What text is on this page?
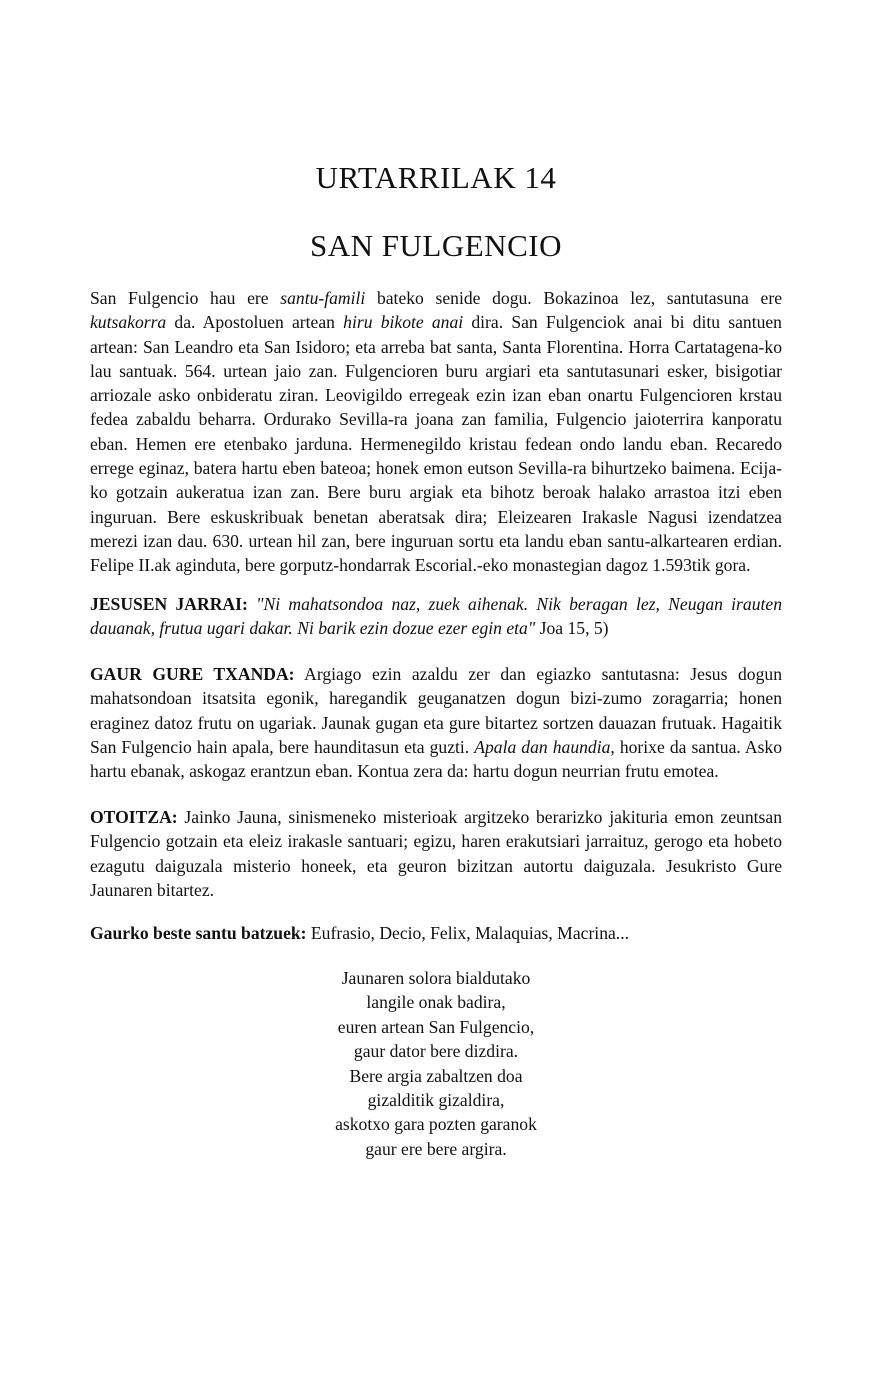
URTARRILAK 14
SAN FULGENCIO

San Fulgencio hau ere santu-famili bateko senide dogu. Bokazinoa lez, santutasuna ere kutsakorra da. Apostoluen artean hiru bikote anai dira. San Fulgenciok anai bi ditu santuen artean: San Leandro eta San Isidoro; eta arreba bat santa, Santa Florentina. Horra Cartatagena-ko lau santuak. 564. urtean jaio zan. Fulgencioren buru argiari eta santutasunari esker, bisigotiar arriozale asko onbideratu ziran. Leovigildo erregeak ezin izan eban onartu Fulgencioren krstau fedea zabaldu beharra. Ordurako Sevilla-ra joana zan familia, Fulgencio jaioterrira kanporatu eban. Hemen ere etenbako jarduna. Hermenegildo kristau fedean ondo landu eban. Recaredo errege eginaz, batera hartu eben bateoa; honek emon eutson Sevilla-ra bihurtzeko baimena. Ecija-ko gotzain aukeratua izan zan. Bere buru argiak eta bihotz beroak halako arrastoa itzi eben inguruan. Bere eskuskribuak benetan aberatsak dira; Eleizearen Irakasle Nagusi izendatzea merezi izan dau. 630. urtean hil zan, bere inguruan sortu eta landu eban santu-alkartearen erdian. Felipe II.ak aginduta, bere gorputz-hondarrak Escorial.-eko monastegian dagoz 1.593tik gora.

JESUSEN JARRAI: "Ni mahatsondoa naz, zuek aihenak. Nik beragan lez, Neugan irauten dauanak, frutua ugari dakar. Ni barik ezin dozue ezer egin eta" Joa 15, 5)

GAUR GURE TXANDA: Argiago ezin azaldu zer dan egiazko santutasna: Jesus dogun mahatsondoan itsatsita egonik, haregandik geuganatzen dogun bizi-zumo zoragarria; honen eraginez datoz frutu on ugariak. Jaunak gugan eta gure bitartez sortzen dauazan frutuak. Hagaitik San Fulgencio hain apala, bere haunditasun eta guzti. Apala dan haundia, horixe da santua. Asko hartu ebanak, askogaz erantzun eban. Kontua zera da: hartu dogun neurrian frutu emotea.

OTOITZA: Jainko Jauna, sinismeneko misterioak argitzeko berarizko jakituria emon zeuntsan Fulgencio gotzain eta eleiz irakasle santuari; egizu, haren erakutsiari jarraituz, gerogo eta hobeto ezagutu daiguzala misterio honeek, eta geuron bizitzan autortu daiguzala. Jesukristo Gure Jaunaren bitartez.

Gaurko beste santu batzuek: Eufrasio, Decio, Felix, Malaquias, Macrina...

Jaunaren solora bialdutako
langile onak badira,
euren artean San Fulgencio,
gaur dator bere dizdira.
Bere argia zabaltzen doa
gizalditik gizaldira,
askotxo gara pozten garanok
gaur ere bere argira.
